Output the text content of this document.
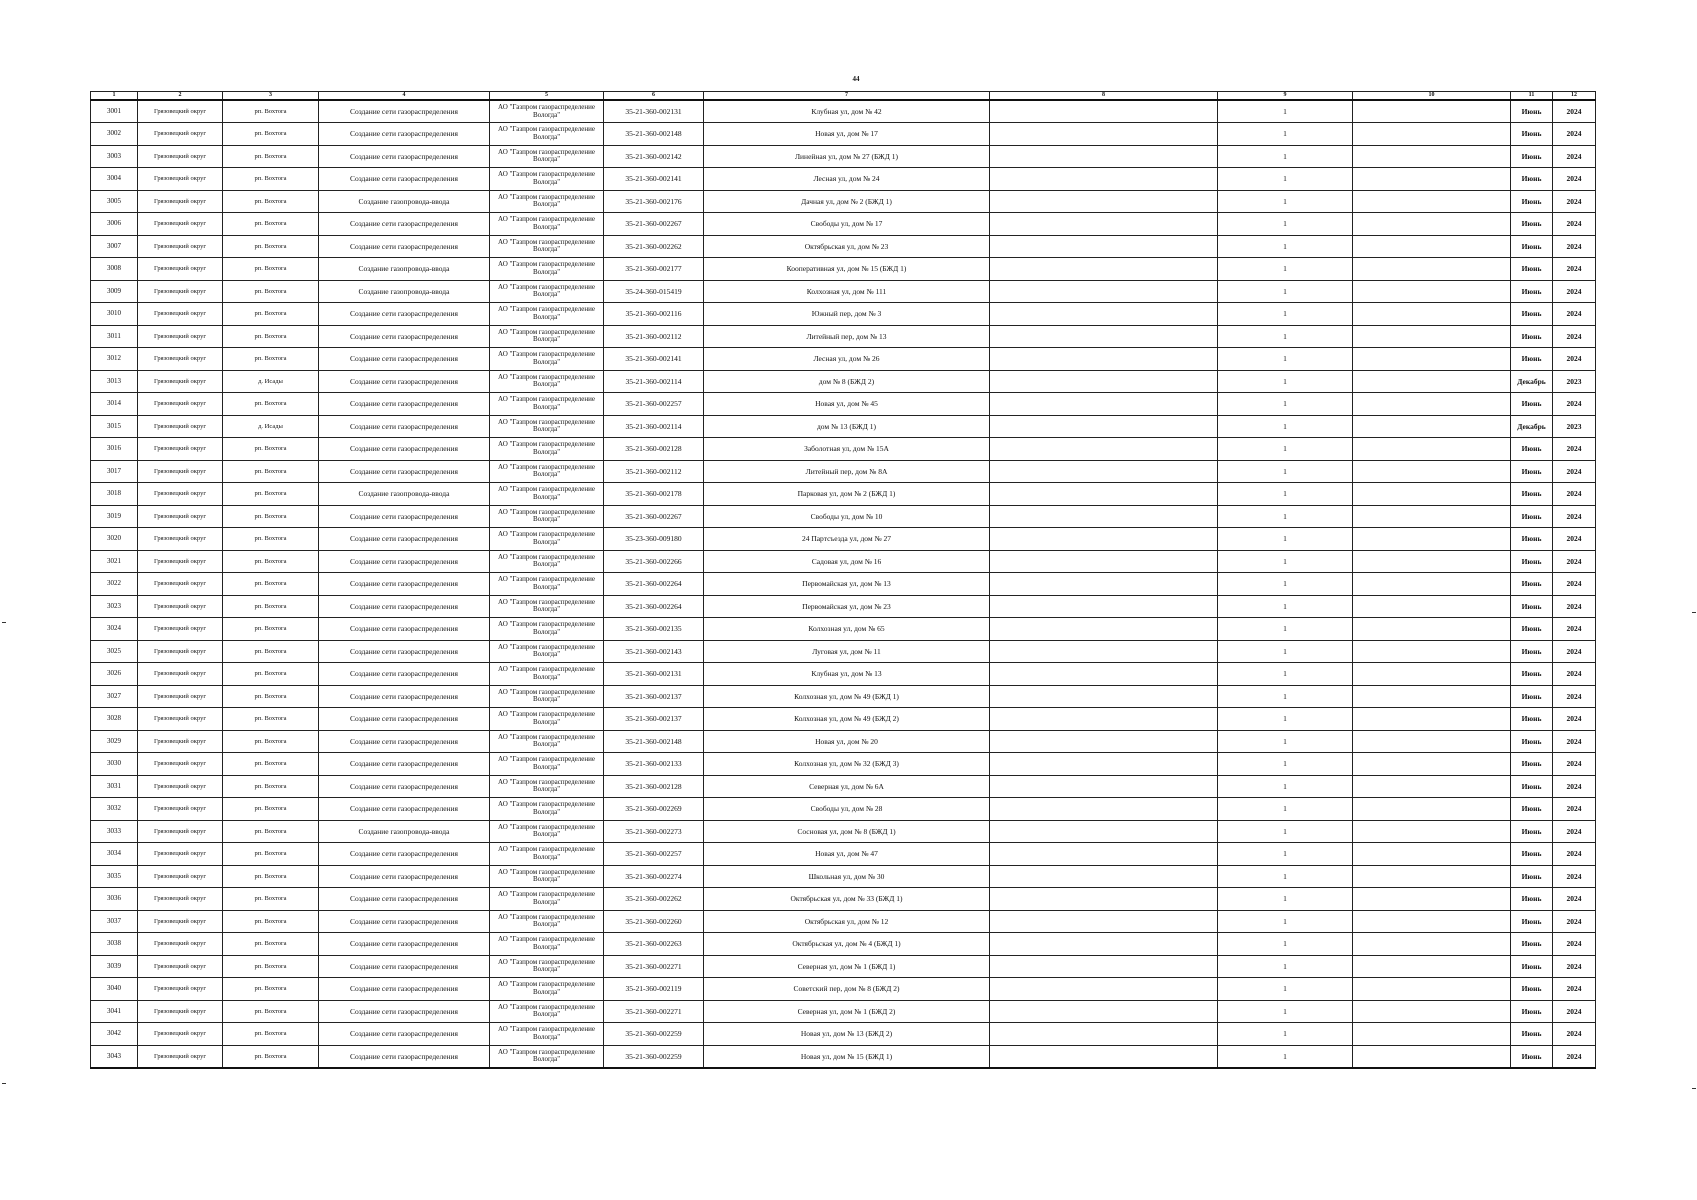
44
1	2	3	4	5	6	7	8	9	10	11	12
3001	Грязовецкий округ	рп. Вохтога	Создание сети газораспределения	АО "Газпром газораспределение Вологда"	35-21-360-002131	Клубная ул, дом № 42		1		Июнь	2024
3002	Грязовецкий округ	рп. Вохтога	Создание сети газораспределения	АО "Газпром газораспределение Вологда"	35-21-360-002148	Новая ул, дом № 17		1		Июнь	2024
3003	Грязовецкий округ	рп. Вохтога	Создание сети газораспределения	АО "Газпром газораспределение Вологда"	35-21-360-002142	Линейная ул, дом № 27 (БЖД 1)		1		Июнь	2024
3004	Грязовецкий округ	рп. Вохтога	Создание сети газораспределения	АО "Газпром газораспределение Вологда"	35-21-360-002141	Лесная ул, дом № 24		1		Июнь	2024
3005	Грязовецкий округ	рп. Вохтога	Создание газопровода-ввода	АО "Газпром газораспределение Вологда"	35-21-360-002176	Дачная ул, дом № 2 (БЖД 1)		1		Июнь	2024
3006	Грязовецкий округ	рп. Вохтога	Создание сети газораспределения	АО "Газпром газораспределение Вологда"	35-21-360-002267	Свободы ул, дом № 17		1		Июнь	2024
3007	Грязовецкий округ	рп. Вохтога	Создание сети газораспределения	АО "Газпром газораспределение Вологда"	35-21-360-002262	Октябрьская ул, дом № 23		1		Июнь	2024
3008	Грязовецкий округ	рп. Вохтога	Создание газопровода-ввода	АО "Газпром газораспределение Вологда"	35-21-360-002177	Кооперативная ул, дом № 15 (БЖД 1)		1		Июнь	2024
3009	Грязовецкий округ	рп. Вохтога	Создание газопровода-ввода	АО "Газпром газораспределение Вологда"	35-24-360-015419	Колхозная ул, дом № 111		1		Июнь	2024
3010	Грязовецкий округ	рп. Вохтога	Создание сети газораспределения	АО "Газпром газораспределение Вологда"	35-21-360-002116	Южный пер, дом № 3		1		Июнь	2024
3011	Грязовецкий округ	рп. Вохтога	Создание сети газораспределения	АО "Газпром газораспределение Вологда"	35-21-360-002112	Литейный пер, дом № 13		1		Июнь	2024
3012	Грязовецкий округ	рп. Вохтога	Создание сети газораспределения	АО "Газпром газораспределение Вологда"	35-21-360-002141	Лесная ул, дом № 26		1		Июнь	2024
3013	Грязовецкий округ	д. Исады	Создание сети газораспределения	АО "Газпром газораспределение Вологда"	35-21-360-002114	дом № 8 (БЖД 2)		1		Декабрь	2023
3014	Грязовецкий округ	рп. Вохтога	Создание сети газораспределения	АО "Газпром газораспределение Вологда"	35-21-360-002257	Новая ул, дом № 45		1		Июнь	2024
3015	Грязовецкий округ	д. Исады	Создание сети газораспределения	АО "Газпром газораспределение Вологда"	35-21-360-002114	дом № 13 (БЖД 1)		1		Декабрь	2023
3016	Грязовецкий округ	рп. Вохтога	Создание сети газораспределения	АО "Газпром газораспределение Вологда"	35-21-360-002128	Заболотная ул, дом № 15А		1		Июнь	2024
3017	Грязовецкий округ	рп. Вохтога	Создание сети газораспределения	АО "Газпром газораспределение Вологда"	35-21-360-002112	Литейный пер, дом № 8А		1		Июнь	2024
3018	Грязовецкий округ	рп. Вохтога	Создание газопровода-ввода	АО "Газпром газораспределение Вологда"	35-21-360-002178	Парковая ул, дом № 2 (БЖД 1)		1		Июнь	2024
3019	Грязовецкий округ	рп. Вохтога	Создание сети газораспределения	АО "Газпром газораспределение Вологда"	35-21-360-002267	Свободы ул, дом № 10		1		Июнь	2024
3020	Грязовецкий округ	рп. Вохтога	Создание сети газораспределения	АО "Газпром газораспределение Вологда"	35-23-360-009180	24 Партсъезда ул, дом № 27		1		Июнь	2024
3021	Грязовецкий округ	рп. Вохтога	Создание сети газораспределения	АО "Газпром газораспределение Вологда"	35-21-360-002266	Садовая ул, дом № 16		1		Июнь	2024
3022	Грязовецкий округ	рп. Вохтога	Создание сети газораспределения	АО "Газпром газораспределение Вологда"	35-21-360-002264	Первомайская ул, дом № 13		1		Июнь	2024
3023	Грязовецкий округ	рп. Вохтога	Создание сети газораспределения	АО "Газпром газораспределение Вологда"	35-21-360-002264	Первомайская ул, дом № 23		1		Июнь	2024
3024	Грязовецкий округ	рп. Вохтога	Создание сети газораспределения	АО "Газпром газораспределение Вологда"	35-21-360-002135	Колхозная ул, дом № 65		1		Июнь	2024
3025	Грязовецкий округ	рп. Вохтога	Создание сети газораспределения	АО "Газпром газораспределение Вологда"	35-21-360-002143	Луговая ул, дом № 11		1		Июнь	2024
3026	Грязовецкий округ	рп. Вохтога	Создание сети газораспределения	АО "Газпром газораспределение Вологда"	35-21-360-002131	Клубная ул, дом № 13		1		Июнь	2024
3027	Грязовецкий округ	рп. Вохтога	Создание сети газораспределения	АО "Газпром газораспределение Вологда"	35-21-360-002137	Колхозная ул, дом № 49 (БЖД 1)		1		Июнь	2024
3028	Грязовецкий округ	рп. Вохтога	Создание сети газораспределения	АО "Газпром газораспределение Вологда"	35-21-360-002137	Колхозная ул, дом № 49 (БЖД 2)		1		Июнь	2024
3029	Грязовецкий округ	рп. Вохтога	Создание сети газораспределения	АО "Газпром газораспределение Вологда"	35-21-360-002148	Новая ул, дом № 20		1		Июнь	2024
3030	Грязовецкий округ	рп. Вохтога	Создание сети газораспределения	АО "Газпром газораспределение Вологда"	35-21-360-002133	Колхозная ул, дом № 32 (БЖД 3)		1		Июнь	2024
3031	Грязовецкий округ	рп. Вохтога	Создание сети газораспределения	АО "Газпром газораспределение Вологда"	35-21-360-002128	Северная ул, дом № 6А		1		Июнь	2024
3032	Грязовецкий округ	рп. Вохтога	Создание сети газораспределения	АО "Газпром газораспределение Вологда"	35-21-360-002269	Свободы ул, дом № 28		1		Июнь	2024
3033	Грязовецкий округ	рп. Вохтога	Создание газопровода-ввода	АО "Газпром газораспределение Вологда"	35-21-360-002273	Сосновая ул, дом № 8 (БЖД 1)		1		Июнь	2024
3034	Грязовецкий округ	рп. Вохтога	Создание сети газораспределения	АО "Газпром газораспределение Вологда"	35-21-360-002257	Новая ул, дом № 47		1		Июнь	2024
3035	Грязовецкий округ	рп. Вохтога	Создание сети газораспределения	АО "Газпром газораспределение Вологда"	35-21-360-002274	Школьная ул, дом № 30		1		Июнь	2024
3036	Грязовецкий округ	рп. Вохтога	Создание сети газораспределения	АО "Газпром газораспределение Вологда"	35-21-360-002262	Октябрьская ул, дом № 33 (БЖД 1)		1		Июнь	2024
3037	Грязовецкий округ	рп. Вохтога	Создание сети газораспределения	АО "Газпром газораспределение Вологда"	35-21-360-002260	Октябрьская ул, дом № 12		1		Июнь	2024
3038	Грязовецкий округ	рп. Вохтога	Создание сети газораспределения	АО "Газпром газораспределение Вологда"	35-21-360-002263	Октябрьская ул, дом № 4 (БЖД 1)		1		Июнь	2024
3039	Грязовецкий округ	рп. Вохтога	Создание сети газораспределения	АО "Газпром газораспределение Вологда"	35-21-360-002271	Северная ул, дом № 1 (БЖД 1)		1		Июнь	2024
3040	Грязовецкий округ	рп. Вохтога	Создание сети газораспределения	АО "Газпром газораспределение Вологда"	35-21-360-002119	Советский пер, дом № 8 (БЖД 2)		1		Июнь	2024
3041	Грязовецкий округ	рп. Вохтога	Создание сети газораспределения	АО "Газпром газораспределение Вологда"	35-21-360-002271	Северная ул, дом № 1 (БЖД 2)		1		Июнь	2024
3042	Грязовецкий округ	рп. Вохтога	Создание сети газораспределения	АО "Газпром газораспределение Вологда"	35-21-360-002259	Новая ул, дом № 13 (БЖД 2)		1		Июнь	2024
3043	Грязовецкий округ	рп. Вохтога	Создание сети газораспределения	АО "Газпром газораспределение Вологда"	35-21-360-002259	Новая ул, дом № 15 (БЖД 1)		1		Июнь	2024
